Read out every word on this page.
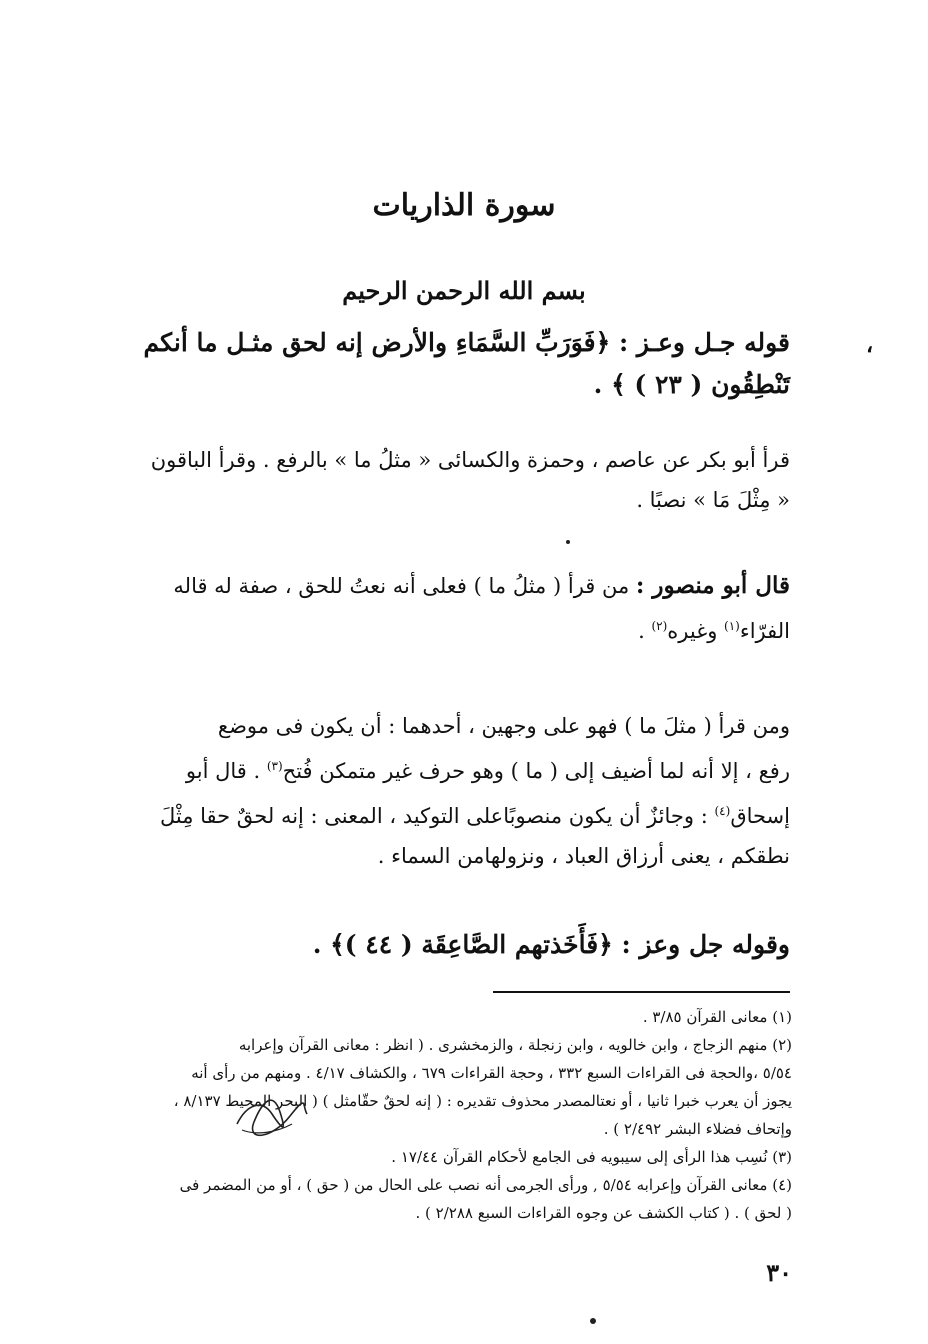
،
سورة الذاريات
بسم الله الرحمن الرحيم
قوله جـل وعـز : ﴿فَوَرَبِّ السَّمَاءِ والأرض إنه لحق مثـل ما أنكم
تَنْطِقُون ( ٢٣ ) ﴾ .
قرأ أبو بكر عن عاصم ، وحمزة والكسائى « مثلُ ما » بالرفع . وقرأ الباقون
« مِثْلَ مَا » نصبًا .
قال أبو منصور : من قرأ ( مثلُ ما ) فعلى أنه نعتُ للحق ، صفة له قاله
الفرّاء$^{(١)}$ وغيره$^{(٢)}$ .
ومن قرأ ( مثلَ ما ) فهو على وجهين ، أحدهما : أن يكون فى موضع
رفع ، إلا أنه لما أضيف إلى ( ما ) وهو حرف غير متمكن فُتح$^{(٣)}$ . قال أبو
إسحاق$^{(٤)}$ : وجائزٌ أن يكون منصوبًاعلى التوكيد ، المعنى : إنه لحقٌ حقا مِثْلَ
نطقكم ، يعنى أرزاق العباد ، ونزولهامن السماء .
وقوله جل وعز : ﴿فَأَخَذتهم الصَّاعِقَة ( ٤٤ )﴾ .

(١) معانى القرآن ٣/٨٥ .

(٢) منهم الزجاج ، وابن خالويه ، وابن زنجلة ، والزمخشرى . ( انظر : معانى القرآن وإعرابه

٥/٥٤ ،والحجة فى القراءات السبع ٣٣٢ ، وحجة القراءات ٦٧٩ ، والكشاف ٤/١٧ . ومنهم من رأى أنه

يجوز أن يعرب خبرا ثانيا ، أو نعتالمصدر محذوف تقديره : ( إنه لحقٌ حقّامثل ) ( البحر المحيط ٨/١٣٧ ،

وإتحاف فضلاء البشر ٢/٤٩٢ ) .

(٣) نُسِب هذا الرأى إلى سيبويه فى الجامع لأحكام القرآن ١٧/٤٤ .

(٤) معانى القرآن وإعرابه ٥/٥٤ , ورأى الجرمى أنه نصب على الحال من ( حق ) ، أو من المضمر فى

( لحق ) . ( كتاب الكشف عن وجوه القراءات السبع ٢/٢٨٨ ) .

٣٠
